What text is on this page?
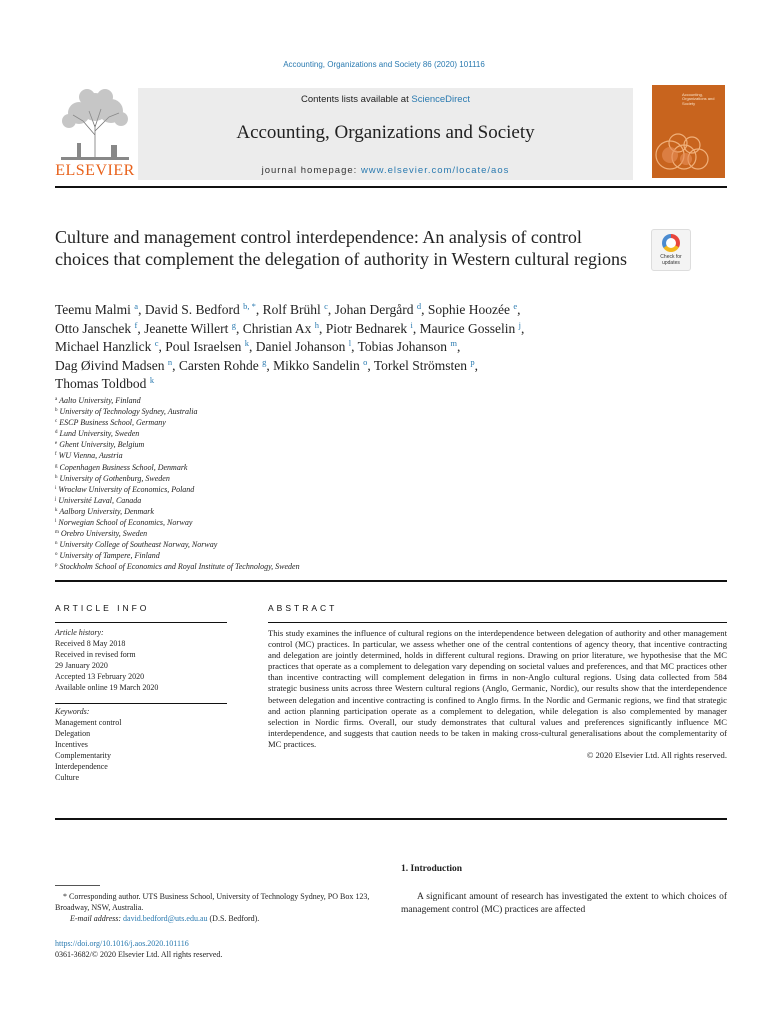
Accounting, Organizations and Society 86 (2020) 101116
ELSEVIER
Contents lists available at ScienceDirect
Accounting, Organizations and Society
journal homepage: www.elsevier.com/locate/aos
Accounting, Organizations and Society
Culture and management control interdependence: An analysis of control choices that complement the delegation of authority in Western cultural regions	Check for updates
Teemu Malmi $^a$, David S. Bedford $^{b, *}$, Rolf Brühl $^c$, Johan Dergård $^d$, Sophie Hoozée $^e$,
Otto Janschek $^f$, Jeanette Willert $^g$, Christian Ax $^h$, Piotr Bednarek $^i$, Maurice Gosselin $^j$,
Michael Hanzlick $^c$, Poul Israelsen $^k$, Daniel Johanson $^l$, Tobias Johanson $^m$,
Dag Øivind Madsen $^n$, Carsten Rohde $^g$, Mikko Sandelin $^o$, Torkel Strömsten $^p$,
Thomas Toldbod $^k$
$^a$ Aalto University, Finland
$^b$ University of Technology Sydney, Australia
$^c$ ESCP Business School, Germany
$^d$ Lund University, Sweden
$^e$ Ghent University, Belgium
$^f$ WU Vienna, Austria
$^g$ Copenhagen Business School, Denmark
$^h$ University of Gothenburg, Sweden
$^i$ Wrocław University of Economics, Poland
$^j$ Université Laval, Canada
$^k$ Aalborg University, Denmark
$^l$ Norwegian School of Economics, Norway
$^m$ Orebro University, Sweden
$^n$ University College of Southeast Norway, Norway
$^o$ University of Tampere, Finland
$^p$ Stockholm School of Economics and Royal Institute of Technology, Sweden
ARTICLE INFO	ABSTRACT
Article history:
Received 8 May 2018
Received in revised form
29 January 2020
Accepted 13 February 2020
Available online 19 March 2020
Keywords:
Management control
Delegation
Incentives
Complementarity
Interdependence
Culture
This study examines the influence of cultural regions on the interdependence between delegation of authority and other management control (MC) practices. In particular, we assess whether one of the central contentions of agency theory, that incentive contracting and delegation are jointly determined, holds in different cultural regions. Drawing on prior literature, we hypothesise that the MC practices that operate as a complement to delegation vary depending on societal values and preferences, and that MC practices other than incentive contracting will complement delegation in firms in non-Anglo cultural regions. Using data collected from 584 strategic business units across three Western cultural regions (Anglo, Germanic, Nordic), our results show that the interdependence between delegation and incentive contracting is confined to Anglo firms. In the Nordic and Germanic regions, we find that strategic and action planning participation operate as a complement to delegation, while delegation is also complemented by manager selection in Nordic firms. Overall, our study demonstrates that cultural values and preferences significantly influence MC interdependence, and suggests that caution needs to be taken in making cross-cultural generalisations about the complementarity of MC practices.
© 2020 Elsevier Ltd. All rights reserved.
1. Introduction
A significant amount of research has investigated the extent to which choices of management control (MC) practices are affected
* Corresponding author. UTS Business School, University of Technology Sydney, PO Box 123, Broadway, NSW, Australia.
E-mail address: david.bedford@uts.edu.au (D.S. Bedford).
https://doi.org/10.1016/j.aos.2020.101116
0361-3682/© 2020 Elsevier Ltd. All rights reserved.
